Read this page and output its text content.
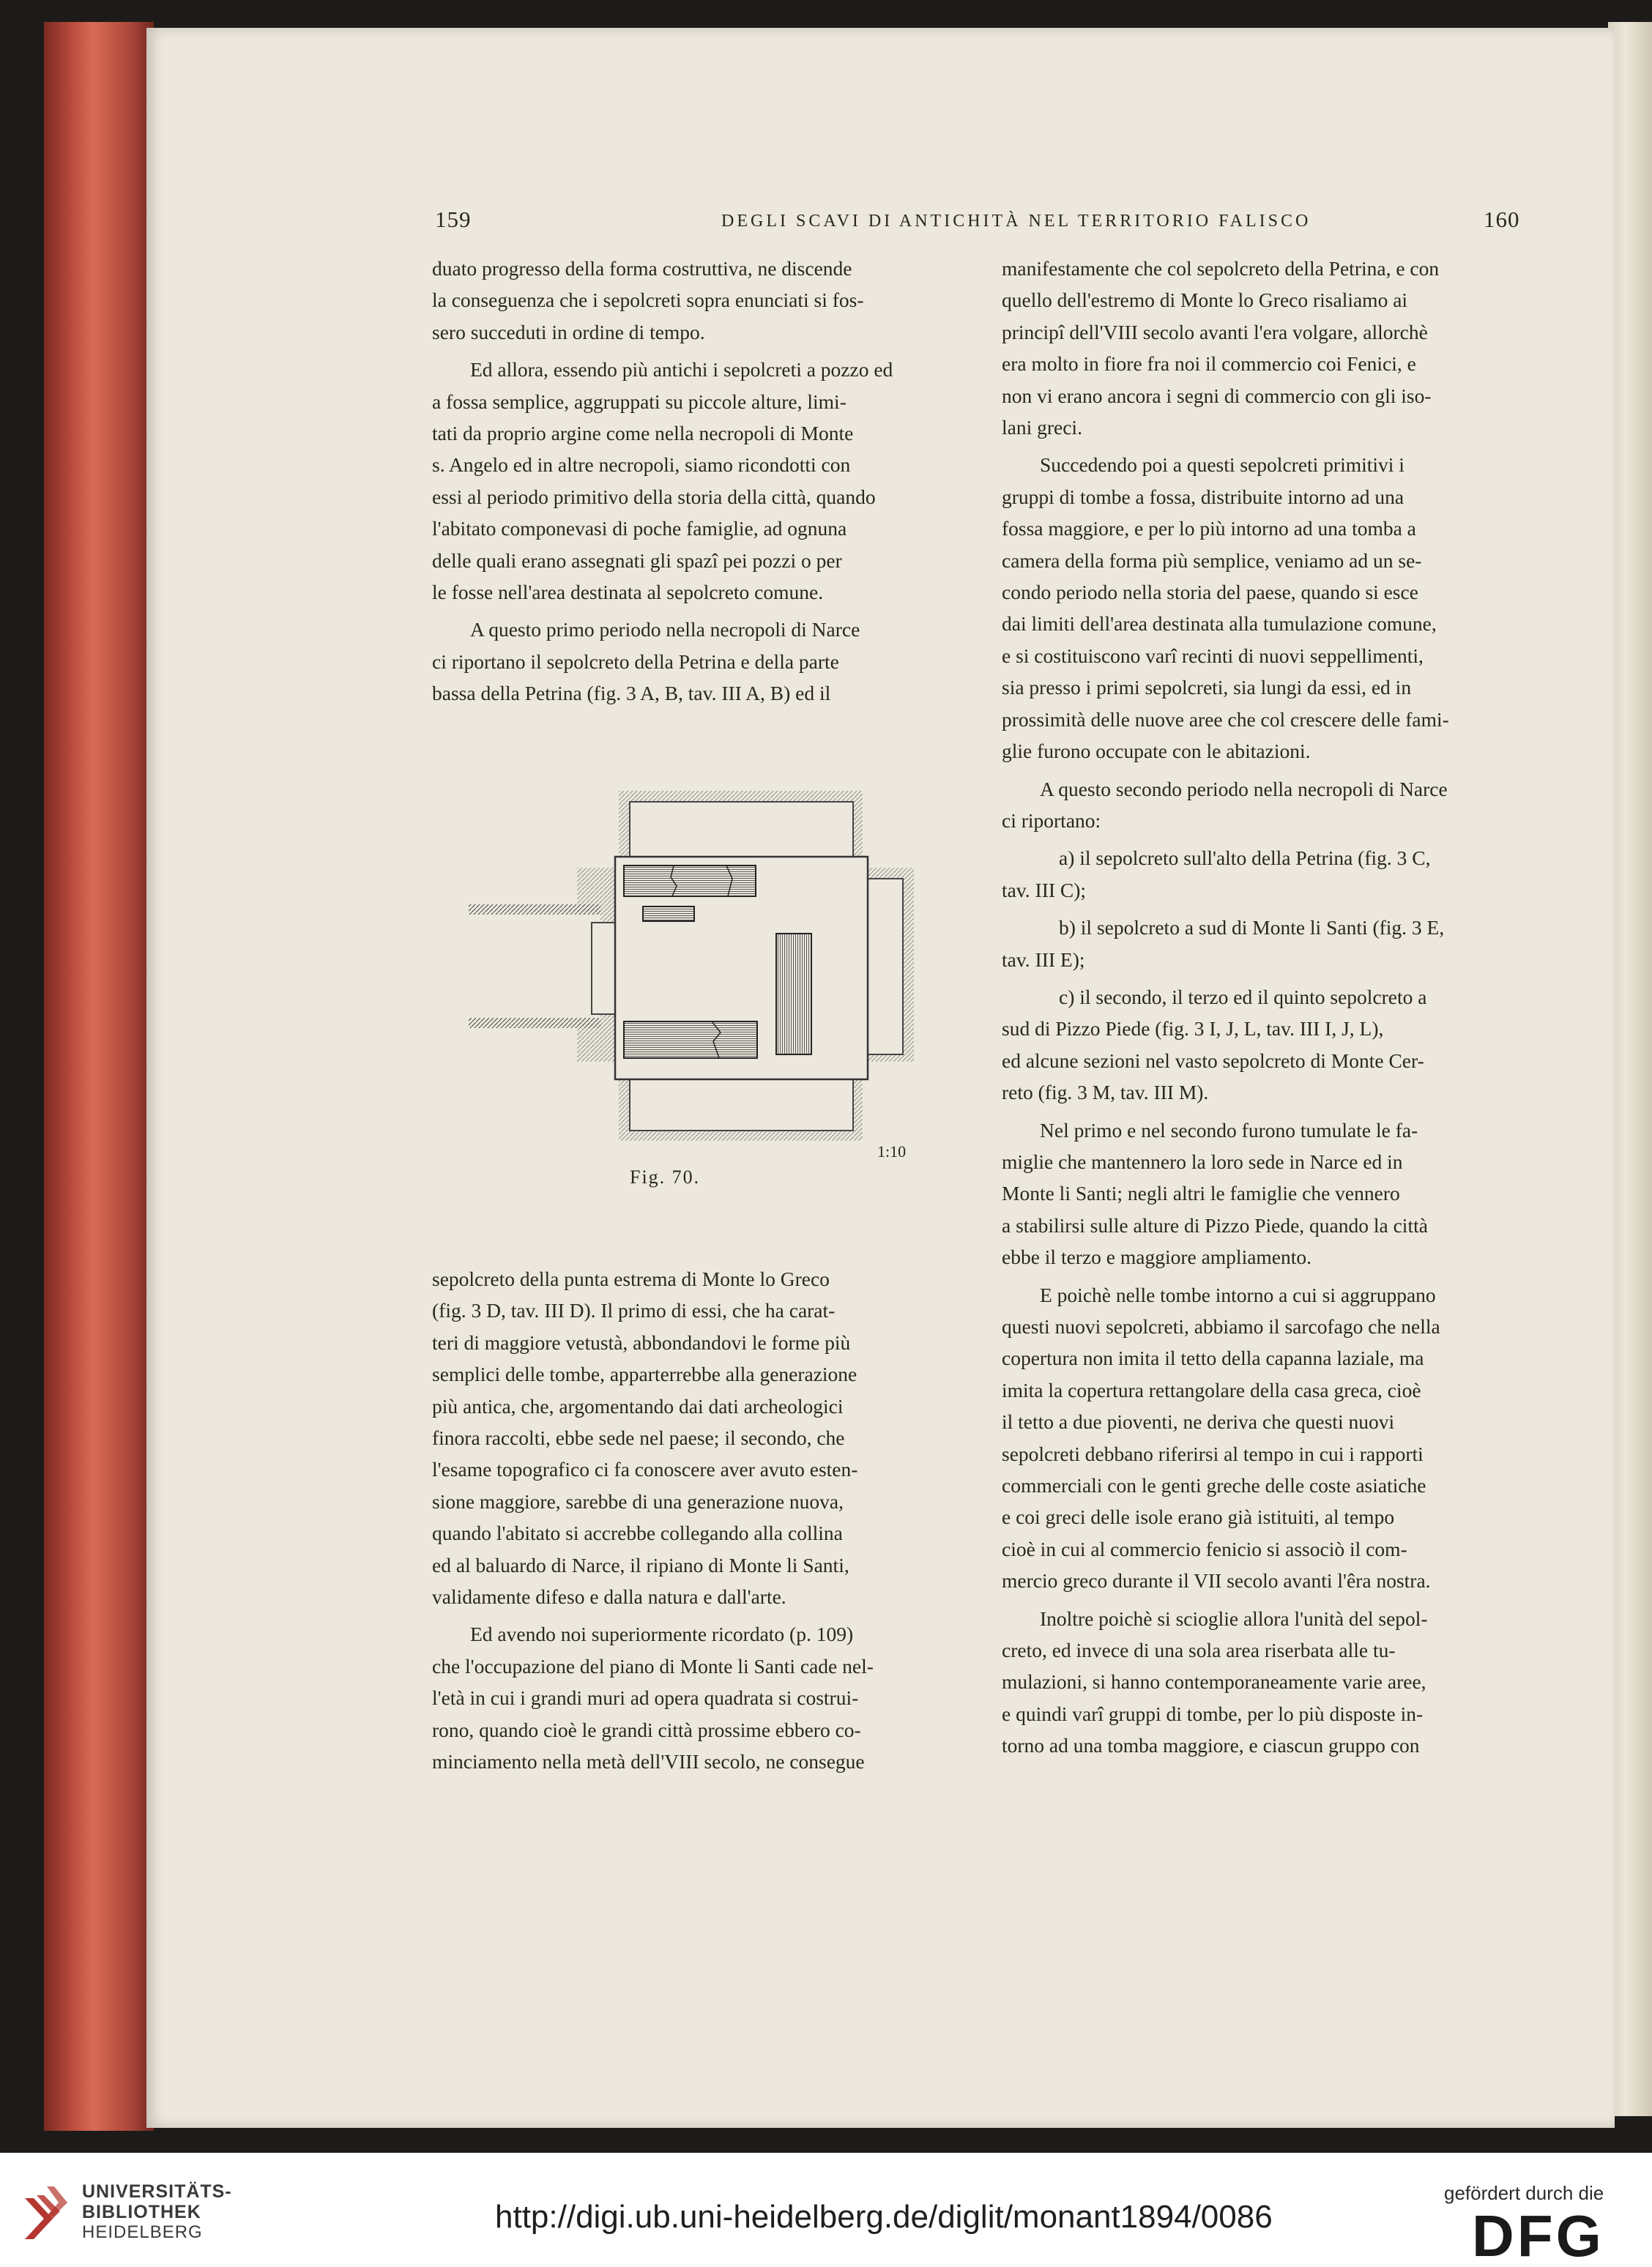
159	DEGLI SCAVI DI ANTICHITÀ NEL TERRITORIO FALISCO	160

duato progresso della forma costruttiva, ne discende
la conseguenza che i sepolcreti sopra enunciati si fos-
sero succeduti in ordine di tempo.

Ed allora, essendo più antichi i sepolcreti a pozzo ed
a fossa semplice, aggruppati su piccole alture, limi-
tati da proprio argine come nella necropoli di Monte
s. Angelo ed in altre necropoli, siamo ricondotti con
essi al periodo primitivo della storia della città, quando
l'abitato componevasi di poche famiglie, ad ognuna
delle quali erano assegnati gli spazî pei pozzi o per
le fosse nell'area destinata al sepolcreto comune.

A questo primo periodo nella necropoli di Narce
ci riportano il sepolcreto della Petrina e della parte
bassa della Petrina (fig. 3 A, B, tav. III A, B) ed il

1:10
Fig. 70.

sepolcreto della punta estrema di Monte lo Greco
(fig. 3 D, tav. III D). Il primo di essi, che ha carat-
teri di maggiore vetustà, abbondandovi le forme più
semplici delle tombe, apparterrebbe alla generazione
più antica, che, argomentando dai dati archeologici
finora raccolti, ebbe sede nel paese; il secondo, che
l'esame topografico ci fa conoscere aver avuto esten-
sione maggiore, sarebbe di una generazione nuova,
quando l'abitato si accrebbe collegando alla collina
ed al baluardo di Narce, il ripiano di Monte li Santi,
validamente difeso e dalla natura e dall'arte.

Ed avendo noi superiormente ricordato (p. 109)
che l'occupazione del piano di Monte li Santi cade nel-
l'età in cui i grandi muri ad opera quadrata si costrui-
rono, quando cioè le grandi città prossime ebbero co-
minciamento nella metà dell'VIII secolo, ne consegue

manifestamente che col sepolcreto della Petrina, e con
quello dell'estremo di Monte lo Greco risaliamo ai
principî dell'VIII secolo avanti l'era volgare, allorchè
era molto in fiore fra noi il commercio coi Fenici, e
non vi erano ancora i segni di commercio con gli iso-
lani greci.

Succedendo poi a questi sepolcreti primitivi i
gruppi di tombe a fossa, distribuite intorno ad una
fossa maggiore, e per lo più intorno ad una tomba a
camera della forma più semplice, veniamo ad un se-
condo periodo nella storia del paese, quando si esce
dai limiti dell'area destinata alla tumulazione comune,
e si costituiscono varî recinti di nuovi seppellimenti,
sia presso i primi sepolcreti, sia lungi da essi, ed in
prossimità delle nuove aree che col crescere delle fami-
glie furono occupate con le abitazioni.

A questo secondo periodo nella necropoli di Narce
ci riportano:

a) il sepolcreto sull'alto della Petrina (fig. 3 C,
tav. III C);

b) il sepolcreto a sud di Monte li Santi (fig. 3 E,
tav. III E);

c) il secondo, il terzo ed il quinto sepolcreto a
sud di Pizzo Piede (fig. 3 I, J, L, tav. III I, J, L),
ed alcune sezioni nel vasto sepolcreto di Monte Cer-
reto (fig. 3 M, tav. III M).

Nel primo e nel secondo furono tumulate le fa-
miglie che mantennero la loro sede in Narce ed in
Monte li Santi; negli altri le famiglie che vennero
a stabilirsi sulle alture di Pizzo Piede, quando la città
ebbe il terzo e maggiore ampliamento.

E poichè nelle tombe intorno a cui si aggruppano
questi nuovi sepolcreti, abbiamo il sarcofago che nella
copertura non imita il tetto della capanna laziale, ma
imita la copertura rettangolare della casa greca, cioè
il tetto a due pioventi, ne deriva che questi nuovi
sepolcreti debbano riferirsi al tempo in cui i rapporti
commerciali con le genti greche delle coste asiatiche
e coi greci delle isole erano già istituiti, al tempo
cioè in cui al commercio fenicio si associò il com-
mercio greco durante il VII secolo avanti l'êra nostra.

Inoltre poichè si scioglie allora l'unità del sepol-
creto, ed invece di una sola area riserbata alle tu-
mulazioni, si hanno contemporaneamente varie aree,
e quindi varî gruppi di tombe, per lo più disposte in-
torno ad una tomba maggiore, e ciascun gruppo con

UNIVERSITÄTS-
BIBLIOTHEK
HEIDELBERG	http://digi.ub.uni-heidelberg.de/diglit/monant1894/0086
gefördert durch die
DFG
